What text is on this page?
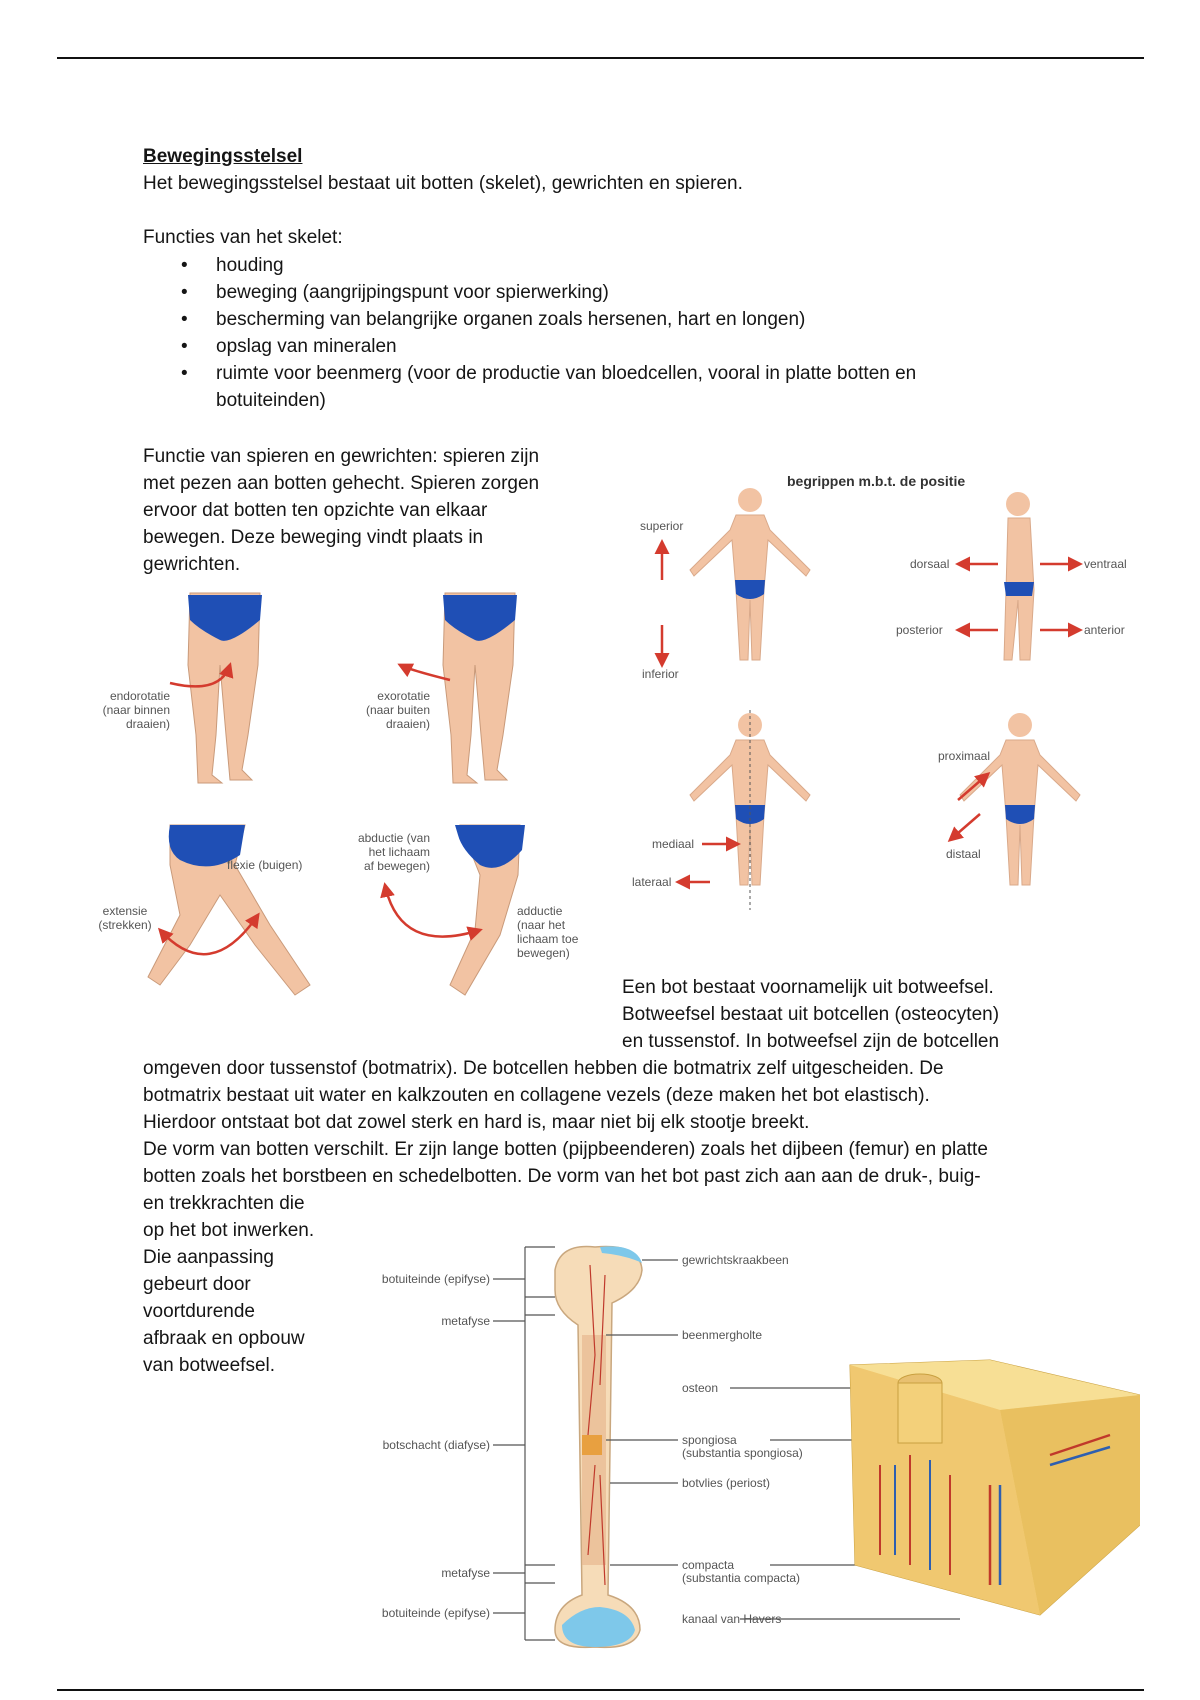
Bewegingsstelsel
Het bewegingsstelsel bestaat uit botten (skelet), gewrichten en spieren.
Functies van het skelet:
• houding
• beweging (aangrijpingspunt voor spierwerking)
• bescherming van belangrijke organen zoals hersenen, hart en longen)
• opslag van mineralen
• ruimte voor beenmerg (voor de productie van bloedcellen, vooral in platte botten en
botuiteinden)
Functie van spieren en gewrichten: spieren zijn
met pezen aan botten gehecht. Spieren zorgen
ervoor dat botten ten opzichte van elkaar
bewegen. Deze beweging vindt plaats in
gewrichten.
endorotatie
(naar binnen
draaien)
exorotatie
(naar buiten
draaien)
flexie (buigen)
extensie
(strekken)
abductie (van
het lichaam
af bewegen)
adductie
(naar het
lichaam toe
bewegen)
begrippen m.b.t. de positie
superior
inferior
dorsaal	ventraal
posterior	anterior
mediaal
lateraal
proximaal
distaal
Een bot bestaat voornamelijk uit botweefsel.
Botweefsel bestaat uit botcellen (osteocyten)
en tussenstof. In botweefsel zijn de botcellen
omgeven door tussenstof (botmatrix). De botcellen hebben die botmatrix zelf uitgescheiden. De
botmatrix bestaat uit water en kalkzouten en collagene vezels (deze maken het bot elastisch).
Hierdoor ontstaat bot dat zowel sterk en hard is, maar niet bij elk stootje breekt.
De vorm van botten verschilt. Er zijn lange botten (pijpbeenderen) zoals het dijbeen (femur) en platte
botten zoals het borstbeen en schedelbotten. De vorm van het bot past zich aan aan de druk-, buig-
en trekkrachten die
op het bot inwerken.
Die aanpassing
gebeurt door
voortdurende
afbraak en opbouw
van botweefsel.
botuiteinde (epifyse)
metafyse
botschacht (diafyse)
metafyse
botuiteinde (epifyse)
gewrichtskraakbeen
beenmergholte
osteon
spongiosa
(substantia spongiosa)
botvlies (periost)
compacta
(substantia compacta)
kanaal van Havers
